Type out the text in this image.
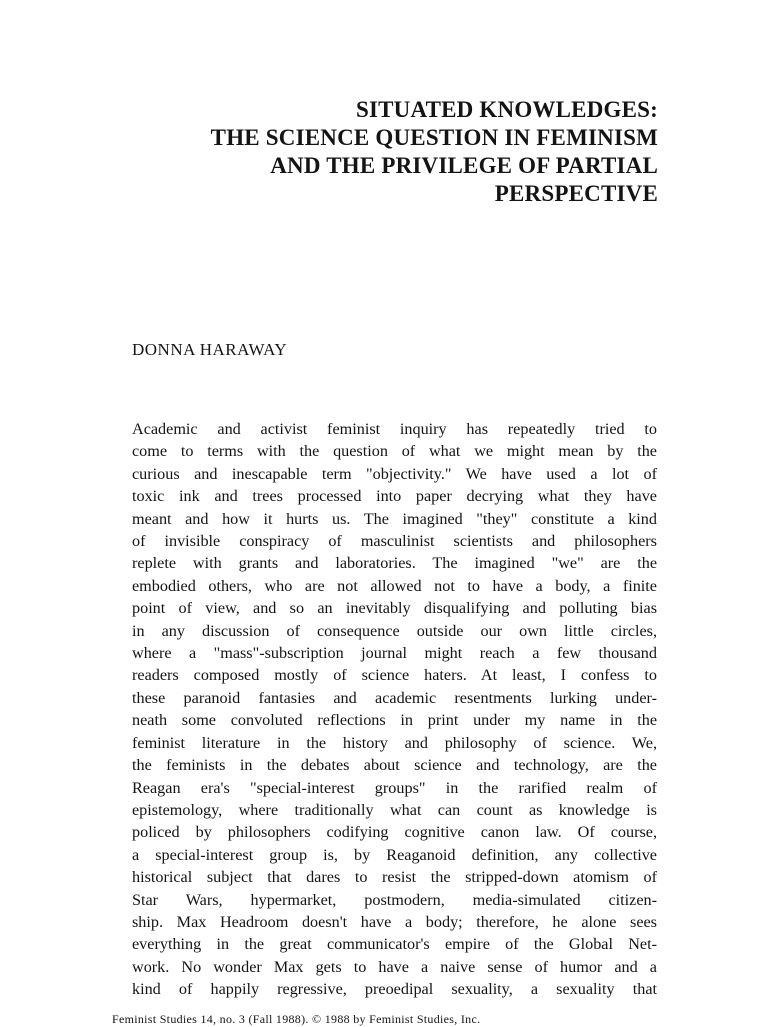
SITUATED KNOWLEDGES:
THE SCIENCE QUESTION IN FEMINISM
AND THE PRIVILEGE OF PARTIAL
PERSPECTIVE
DONNA HARAWAY
Academic and activist feminist inquiry has repeatedly tried to
come to terms with the question of what we might mean by the
curious and inescapable term "objectivity." We have used a lot of
toxic ink and trees processed into paper decrying what they have
meant and how it hurts us. The imagined "they" constitute a kind
of invisible conspiracy of masculinist scientists and philosophers
replete with grants and laboratories. The imagined "we" are the
embodied others, who are not allowed not to have a body, a finite
point of view, and so an inevitably disqualifying and polluting bias
in any discussion of consequence outside our own little circles,
where a "mass"-subscription journal might reach a few thousand
readers composed mostly of science haters. At least, I confess to
these paranoid fantasies and academic resentments lurking under-
neath some convoluted reflections in print under my name in the
feminist literature in the history and philosophy of science. We,
the feminists in the debates about science and technology, are the
Reagan era's "special-interest groups" in the rarified realm of
epistemology, where traditionally what can count as knowledge is
policed by philosophers codifying cognitive canon law. Of course,
a special-interest group is, by Reaganoid definition, any collective
historical subject that dares to resist the stripped-down atomism of
Star Wars, hypermarket, postmodern, media-simulated citizen-
ship. Max Headroom doesn't have a body; therefore, he alone sees
everything in the great communicator's empire of the Global Net-
work. No wonder Max gets to have a naive sense of humor and a
kind of happily regressive, preoedipal sexuality, a sexuality that
Feminist Studies 14, no. 3 (Fall 1988). © 1988 by Feminist Studies, Inc.
